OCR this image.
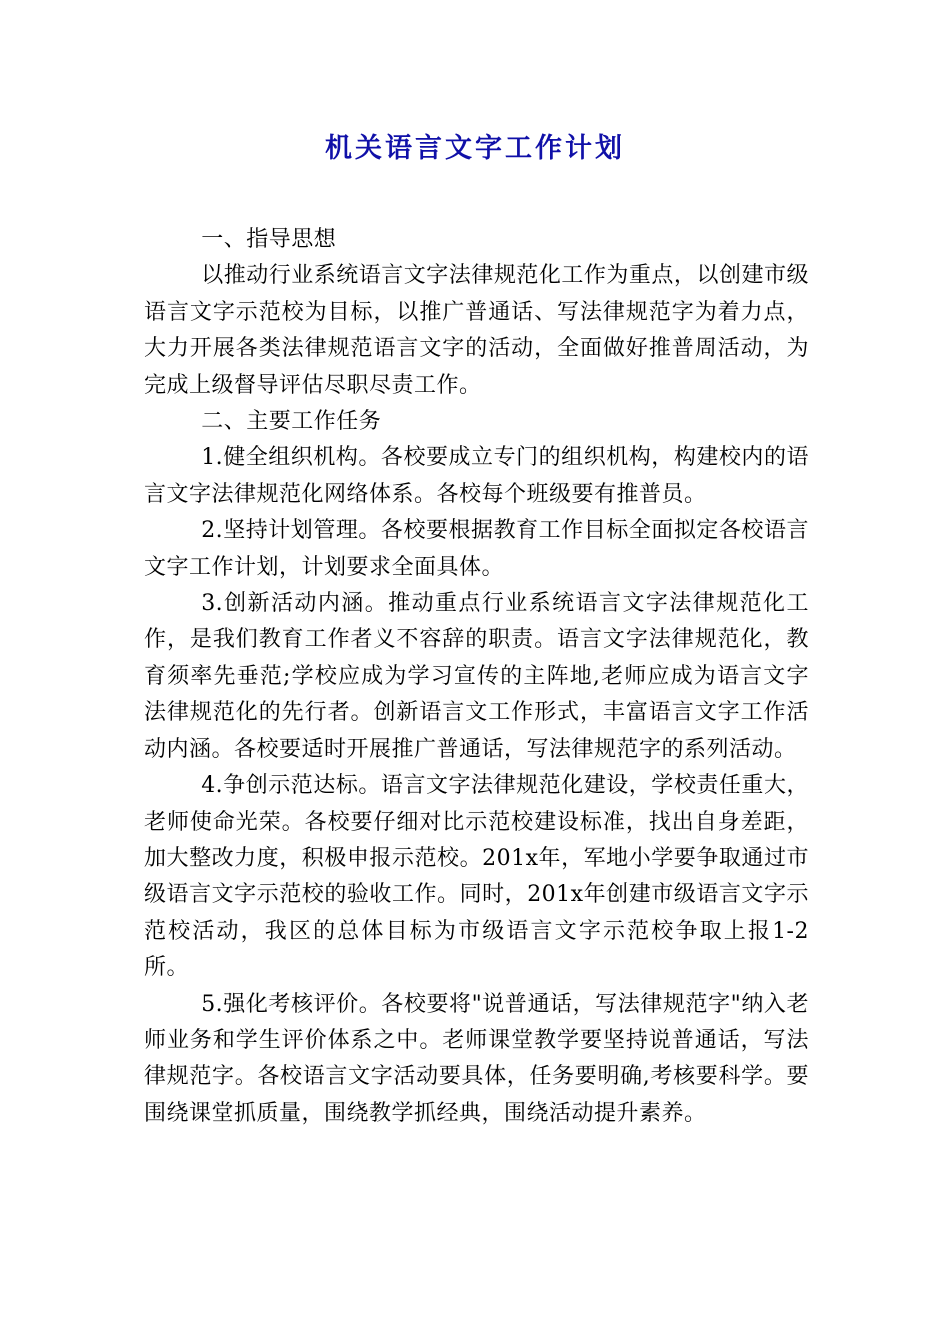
机关语言文字工作计划

一、指导思想

以推动行业系统语言文字法律规范化工作为重点，以创建市级语言文字示范校为目标，以推广普通话、写法律规范字为着力点，大力开展各类法律规范语言文字的活动，全面做好推普周活动，为完成上级督导评估尽职尽责工作。

二、主要工作任务

1.健全组织机构。各校要成立专门的组织机构，构建校内的语言文字法律规范化网络体系。各校每个班级要有推普员。

2.坚持计划管理。各校要根据教育工作目标全面拟定各校语言文字工作计划，计划要求全面具体。

3.创新活动内涵。推动重点行业系统语言文字法律规范化工作，是我们教育工作者义不容辞的职责。语言文字法律规范化，教育须率先垂范;学校应成为学习宣传的主阵地,老师应成为语言文字法律规范化的先行者。创新语言文工作形式，丰富语言文字工作活动内涵。各校要适时开展推广普通话，写法律规范字的系列活动。

4.争创示范达标。语言文字法律规范化建设，学校责任重大，老师使命光荣。各校要仔细对比示范校建设标准，找出自身差距，加大整改力度，积极申报示范校。201x年，军地小学要争取通过市级语言文字示范校的验收工作。同时，201x年创建市级语言文字示范校活动，我区的总体目标为市级语言文字示范校争取上报1-2所。

5.强化考核评价。各校要将"说普通话，写法律规范字"纳入老师业务和学生评价体系之中。老师课堂教学要坚持说普通话，写法律规范字。各校语言文字活动要具体，任务要明确,考核要科学。要围绕课堂抓质量，围绕教学抓经典，围绕活动提升素养。
